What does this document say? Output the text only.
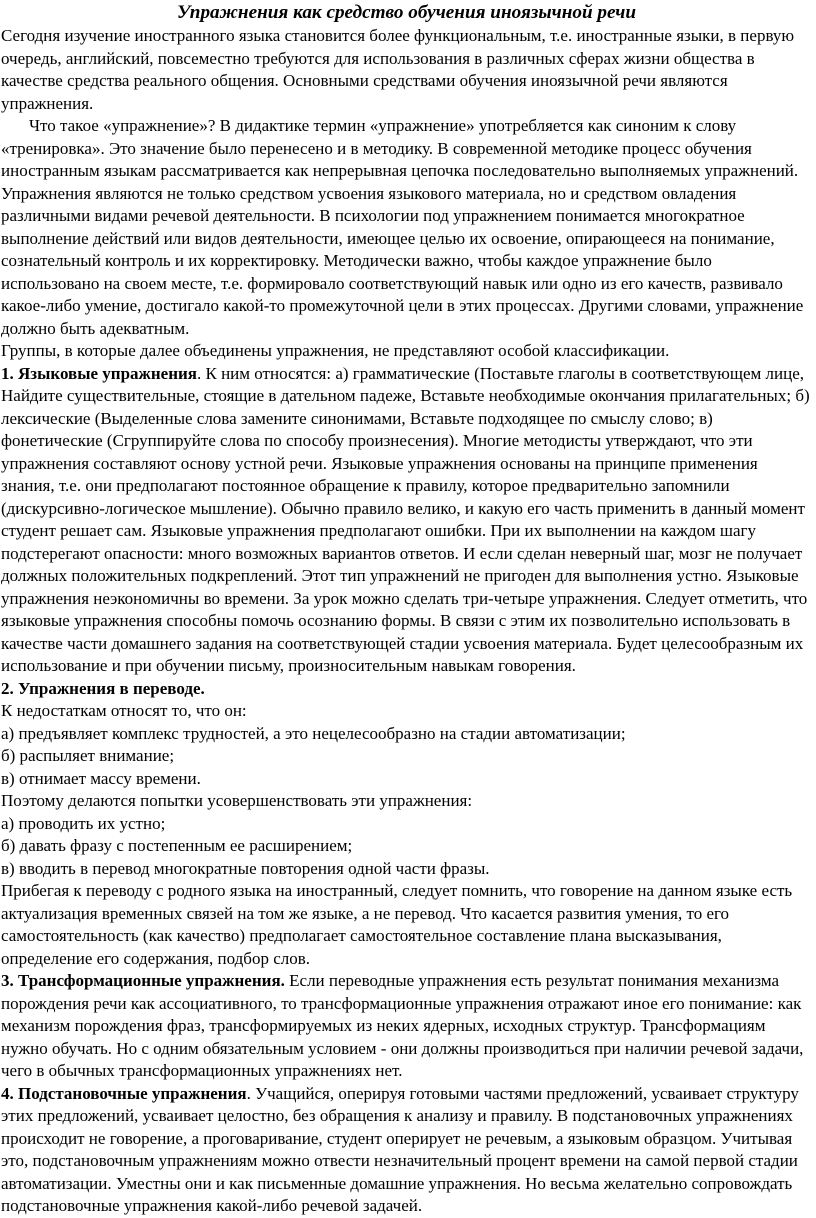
Упражнения как средство обучения иноязычной речи

Сегодня изучение иностранного языка становится более функциональным, т.е. иностранные языки, в первую очередь, английский, повсеместно требуются для использования в различных сферах жизни общества в качестве средства реального общения. Основными средствами обучения иноязычной речи являются упражнения.

Что такое «упражнение»? В дидактике термин «упражнение» употребляется как синоним к слову «тренировка». Это значение было перенесено и в методику. В современной методике процесс обучения иностранным языкам рассматривается как непрерывная цепочка последовательно выполняемых упражнений. Упражнения являются не только средством усвоения языкового материала, но и средством овладения различными видами речевой деятельности. В психологии под упражнением понимается многократное выполнение действий или видов деятельности, имеющее целью их освоение, опирающееся на понимание, сознательный контроль и их корректировку. Методически важно, чтобы каждое упражнение было использовано на своем месте, т.е. формировало соответствующий навык или одно из его качеств, развивало какое-либо умение, достигало какой-то промежуточной цели в этих процессах. Другими словами, упражнение должно быть адекватным.

Группы, в которые далее объединены упражнения, не представляют особой классификации.

1. Языковые упражнения. К ним относятся: а) грамматические (Поставьте глаголы в соответствующем лице, Найдите существительные, стоящие в дательном падеже, Вставьте необходимые окончания прилагательных; б) лексические (Выделенные слова замените синонимами, Вставьте подходящее по смыслу слово; в) фонетические (Сгруппируйте слова по способу произнесения). Многие методисты утверждают, что эти упражнения составляют основу устной речи. Языковые упражнения основаны на принципе применения знания, т.е. они предполагают постоянное обращение к правилу, которое предварительно запомнили (дискурсивно-логическое мышление). Обычно правило велико, и какую его часть применить в данный момент студент решает сам. Языковые упражнения предполагают ошибки. При их выполнении на каждом шагу подстерегают опасности: много возможных вариантов ответов. И если сделан неверный шаг, мозг не получает должных положительных подкреплений. Этот тип упражнений не пригоден для выполнения устно. Языковые упражнения неэкономичны во времени. За урок можно сделать три-четыре упражнения. Следует отметить, что языковые упражнения способны помочь осознанию формы. В связи с этим их позволительно использовать в качестве части домашнего задания на соответствующей стадии усвоения материала. Будет целесообразным их использование и при обучении письму, произносительным навыкам говорения.

2. Упражнения в переводе.

К недостаткам относят то, что он:

а) предъявляет комплекс трудностей, а это нецелесообразно на стадии автоматизации;

б) распыляет внимание;

в) отнимает массу времени.

Поэтому делаются попытки усовершенствовать эти упражнения:

а) проводить их устно;

б) давать фразу с постепенным ее расширением;

в) вводить в перевод многократные повторения одной части фразы.

Прибегая к переводу с родного языка на иностранный, следует помнить, что говорение на данном языке есть актуализация временных связей на том же языке, а не перевод. Что касается развития умения, то его самостоятельность (как качество) предполагает самостоятельное составление плана высказывания, определение его содержания, подбор слов.

3. Трансформационные упражнения. Если переводные упражнения есть результат понимания механизма порождения речи как ассоциативного, то трансформационные упражнения отражают иное его понимание: как механизм порождения фраз, трансформируемых из неких ядерных, исходных структур. Трансформациям нужно обучать. Но с одним обязательным условием - они должны производиться при наличии речевой задачи, чего в обычных трансформационных упражнениях нет.

4. Подстановочные упражнения. Учащийся, оперируя готовыми частями предложений, усваивает структуру этих предложений, усваивает целостно, без обращения к анализу и правилу. В подстановочных упражнениях происходит не говорение, а проговаривание, студент оперирует не речевым, а языковым образцом. Учитывая это, подстановочным упражнениям можно отвести незначительный процент времени на самой первой стадии автоматизации. Уместны они и как письменные домашние упражнения. Но весьма желательно сопровождать подстановочные упражнения какой-либо речевой задачей.
